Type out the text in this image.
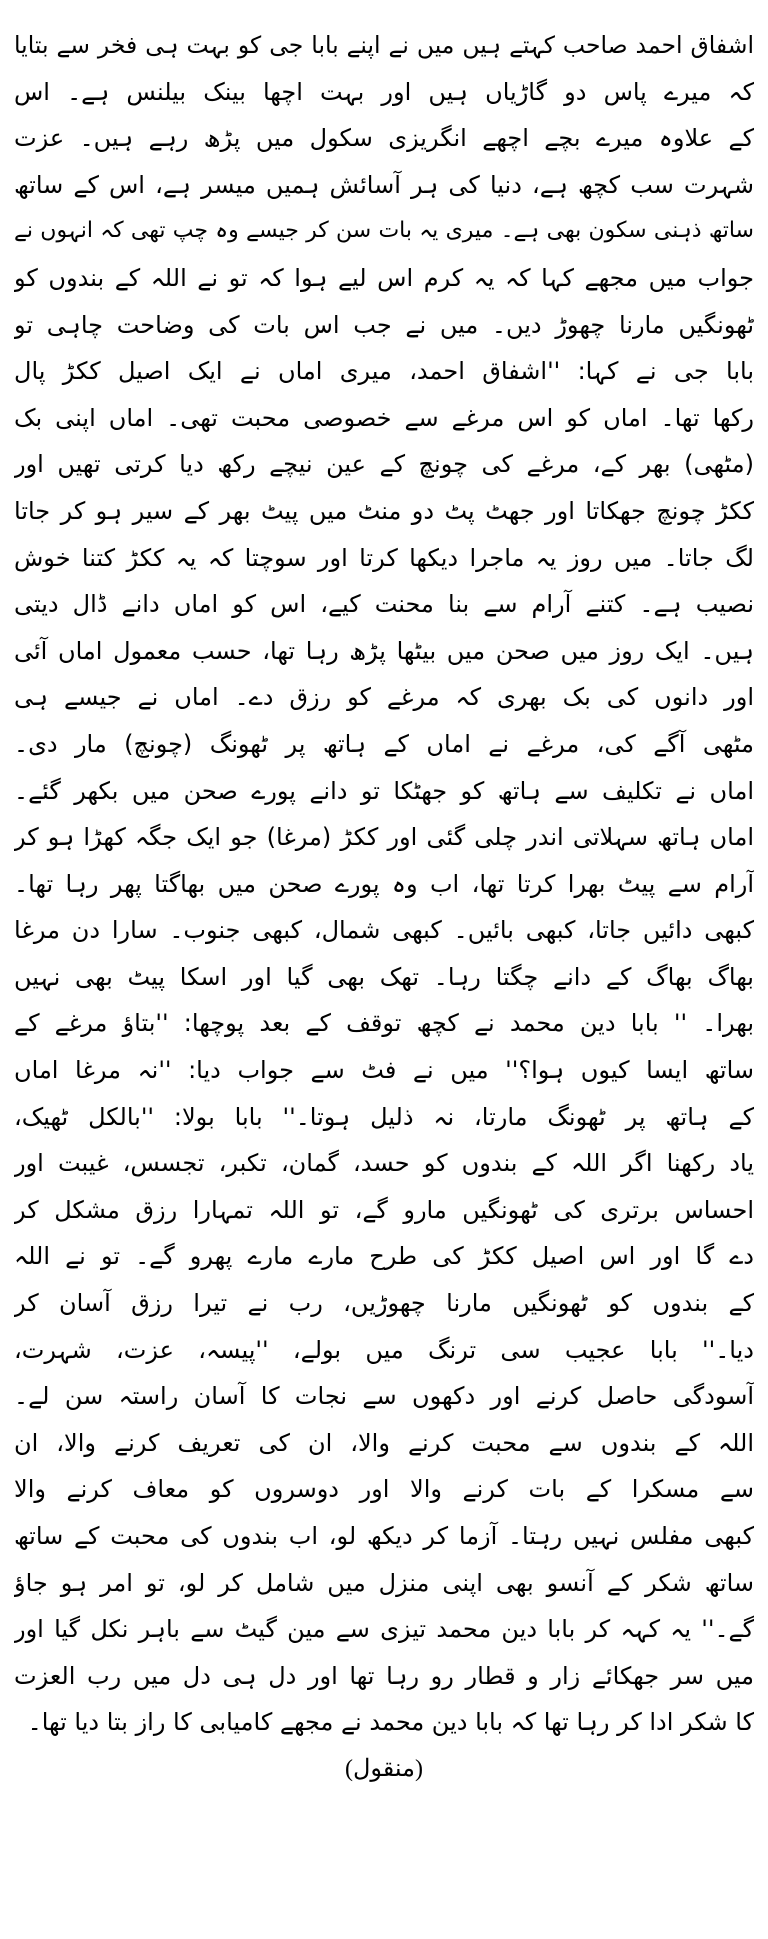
اشفاق احمد صاحب کہتے ہیں میں نے اپنے بابا جی کو بہت ہی فخر سے بتایا
کہ میرے پاس دو گاڑیاں ہیں اور بہت اچھا بینک بیلنس ہے۔ اس
کے علاوہ میرے بچے اچھے انگریزی سکول میں پڑھ رہے ہیں۔ عزت
شہرت سب کچھ ہے، دنیا کی ہر آسائش ہمیں میسر ہے، اس کے ساتھ
ساتھ ذہنی سکون بھی ہے۔ میری یہ بات سن کر جیسے وہ چپ تھی کہ انہوں نے
جواب میں مجھے کہا کہ یہ کرم اس لیے ہوا کہ تو نے اللہ کے بندوں کو
ٹھونگیں مارنا چھوڑ دیں۔ میں نے جب اس بات کی وضاحت چاہی تو
بابا جی نے کہا: ''اشفاق احمد، میری اماں نے ایک اصیل ککڑ پال
رکھا تھا۔ اماں کو اس مرغے سے خصوصی محبت تھی۔ اماں اپنی بک
(مٹھی) بھر کے، مرغے کی چونچ کے عین نیچے رکھ دیا کرتی تھیں اور
ککڑ چونچ جھکاتا اور جھٹ پٹ دو منٹ میں پیٹ بھر کے سیر ہو کر جاتا
لگ جاتا۔ میں روز یہ ماجرا دیکھا کرتا اور سوچتا کہ یہ ککڑ کتنا خوش
نصیب ہے۔ کتنے آرام سے بنا محنت کیے، اس کو اماں دانے ڈال دیتی
ہیں۔ ایک روز میں صحن میں بیٹھا پڑھ رہا تھا، حسب معمول اماں آئی
اور دانوں کی بک بھری کہ مرغے کو رزق دے۔ اماں نے جیسے ہی
مٹھی آگے کی، مرغے نے اماں کے ہاتھ پر ٹھونگ (چونچ) مار دی۔
اماں نے تکلیف سے ہاتھ کو جھٹکا تو دانے پورے صحن میں بکھر گئے۔
اماں ہاتھ سہلاتی اندر چلی گئی اور ککڑ (مرغا) جو ایک جگہ کھڑا ہو کر
آرام سے پیٹ بھرا کرتا تھا، اب وہ پورے صحن میں بھاگتا پھر رہا تھا۔
کبھی دائیں جاتا، کبھی بائیں۔ کبھی شمال، کبھی جنوب۔ سارا دن مرغا
بھاگ بھاگ کے دانے چگتا رہا۔ تھک بھی گیا اور اسکا پیٹ بھی نہیں
بھرا۔ '' بابا دین محمد نے کچھ توقف کے بعد پوچھا: ''بتاؤ مرغے کے
ساتھ ایسا کیوں ہوا؟'' میں نے فٹ سے جواب دیا: ''نہ مرغا اماں
کے ہاتھ پر ٹھونگ مارتا، نہ ذلیل ہوتا۔'' بابا بولا: ''بالکل ٹھیک،
یاد رکھنا اگر اللہ کے بندوں کو حسد، گمان، تکبر، تجسس، غیبت اور
احساس برتری کی ٹھونگیں مارو گے، تو اللہ تمہارا رزق مشکل کر
دے گا اور اس اصیل ککڑ کی طرح مارے مارے پھرو گے۔ تو نے اللہ
کے بندوں کو ٹھونگیں مارنا چھوڑیں، رب نے تیرا رزق آسان کر
دیا۔'' بابا عجیب سی ترنگ میں بولے، ''پیسہ، عزت، شہرت،
آسودگی حاصل کرنے اور دکھوں سے نجات کا آسان راستہ سن لے۔
اللہ کے بندوں سے محبت کرنے والا، ان کی تعریف کرنے والا، ان
سے مسکرا کے بات کرنے والا اور دوسروں کو معاف کرنے والا
کبھی مفلس نہیں رہتا۔ آزما کر دیکھ لو، اب بندوں کی محبت کے ساتھ
ساتھ شکر کے آنسو بھی اپنی منزل میں شامل کر لو، تو امر ہو جاؤ
گے۔'' یہ کہہ کر بابا دین محمد تیزی سے مین گیٹ سے باہر نکل گیا اور
میں سر جھکائے زار و قطار رو رہا تھا اور دل ہی دل میں رب العزت
کا شکر ادا کر رہا تھا کہ بابا دین محمد نے مجھے کامیابی کا راز بتا دیا تھا۔
(منقول)
